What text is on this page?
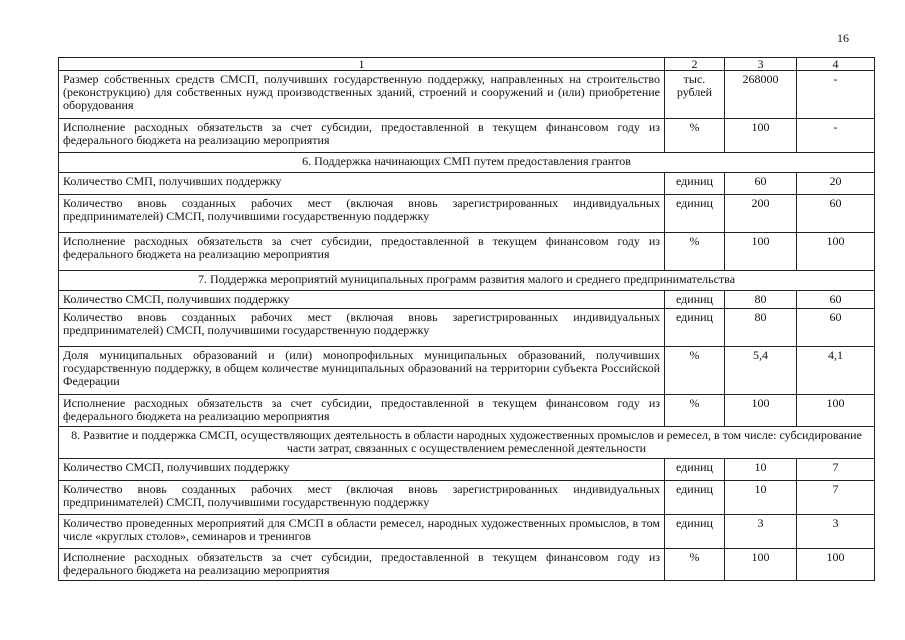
16
1	2	3	4
Размер собственных средств СМСП, получивших государственную поддержку, направленных на строительство (реконструкцию) для собственных нужд производственных зданий, строений и сооружений и (или) приобретение оборудования	тыс. рублей	268000	-
Исполнение расходных обязательств за счет субсидии, предоставленной в текущем финансовом году из федерального бюджета на реализацию мероприятия	%	100	-
6. Поддержка начинающих СМП путем предоставления грантов			
Количество СМП, получивших поддержку	единиц	60	20
Количество вновь созданных рабочих мест (включая вновь зарегистрированных индивидуальных предпринимателей) СМСП, получившими государственную поддержку	единиц	200	60
Исполнение расходных обязательств за счет субсидии, предоставленной в текущем финансовом году из федерального бюджета на реализацию мероприятия	%	100	100
7. Поддержка мероприятий муниципальных программ развития малого и среднего предпринимательства			
Количество СМСП, получивших поддержку	единиц	80	60
Количество вновь созданных рабочих мест (включая вновь зарегистрированных индивидуальных предпринимателей) СМСП, получившими государственную поддержку	единиц	80	60
Доля муниципальных образований и (или) монопрофильных муниципальных образований, получивших государственную поддержку, в общем количестве муниципальных образований на территории субъекта Российской Федерации	%	5,4	4,1
Исполнение расходных обязательств за счет субсидии, предоставленной в текущем финансовом году из федерального бюджета на реализацию мероприятия	%	100	100
8. Развитие и поддержка СМСП, осуществляющих деятельность в области народных художественных промыслов и ремесел, в том числе: субсидирование части затрат, связанных с осуществлением ремесленной деятельности			
Количество СМСП, получивших поддержку	единиц	10	7
Количество вновь созданных рабочих мест (включая вновь зарегистрированных индивидуальных предпринимателей) СМСП, получившими государственную поддержку	единиц	10	7
Количество проведенных мероприятий для СМСП в области ремесел, народных художественных промыслов, в том числе «круглых столов», семинаров и тренингов	единиц	3	3
Исполнение расходных обязательств за счет субсидии, предоставленной в текущем финансовом году из федерального бюджета на реализацию мероприятия	%	100	100
